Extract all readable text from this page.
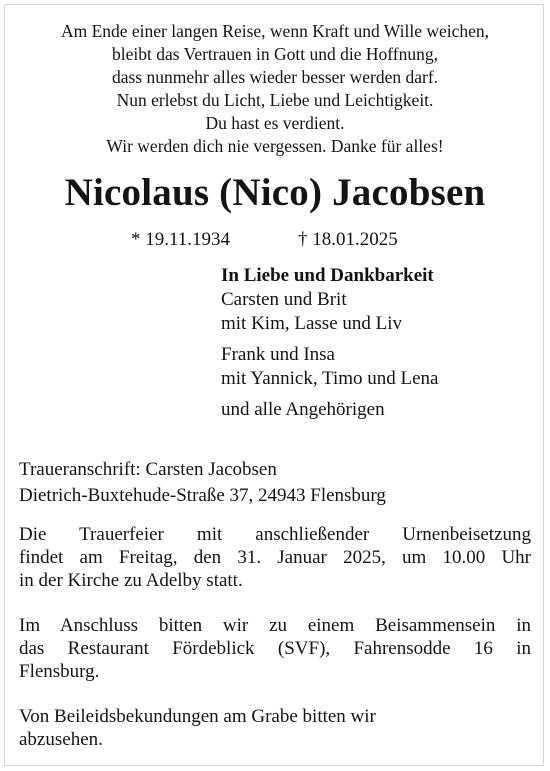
Am Ende einer langen Reise, wenn Kraft und Wille weichen,
bleibt das Vertrauen in Gott und die Hoffnung,
dass nunmehr alles wieder besser werden darf.
Nun erlebst du Licht, Liebe und Leichtigkeit.
Du hast es verdient.
Wir werden dich nie vergessen. Danke für alles!
Nicolaus (Nico) Jacobsen
* 19.11.1934	† 18.01.2025
In Liebe und Dankbarkeit
Carsten und Brit
mit Kim, Lasse und Liv
Frank und Insa
mit Yannick, Timo und Lena
und alle Angehörigen
Traueranschrift: Carsten Jacobsen
Dietrich-Buxtehude-Straße 37, 24943 Flensburg
Die Trauerfeier mit anschließender Urnenbeisetzung
findet am Freitag, den 31. Januar 2025, um 10.00 Uhr
in der Kirche zu Adelby statt.
Im Anschluss bitten wir zu einem Beisammensein in
das Restaurant Fördeblick (SVF), Fahrensodde 16 in
Flensburg.
Von Beileidsbekundungen am Grabe bitten wir
abzusehen.
